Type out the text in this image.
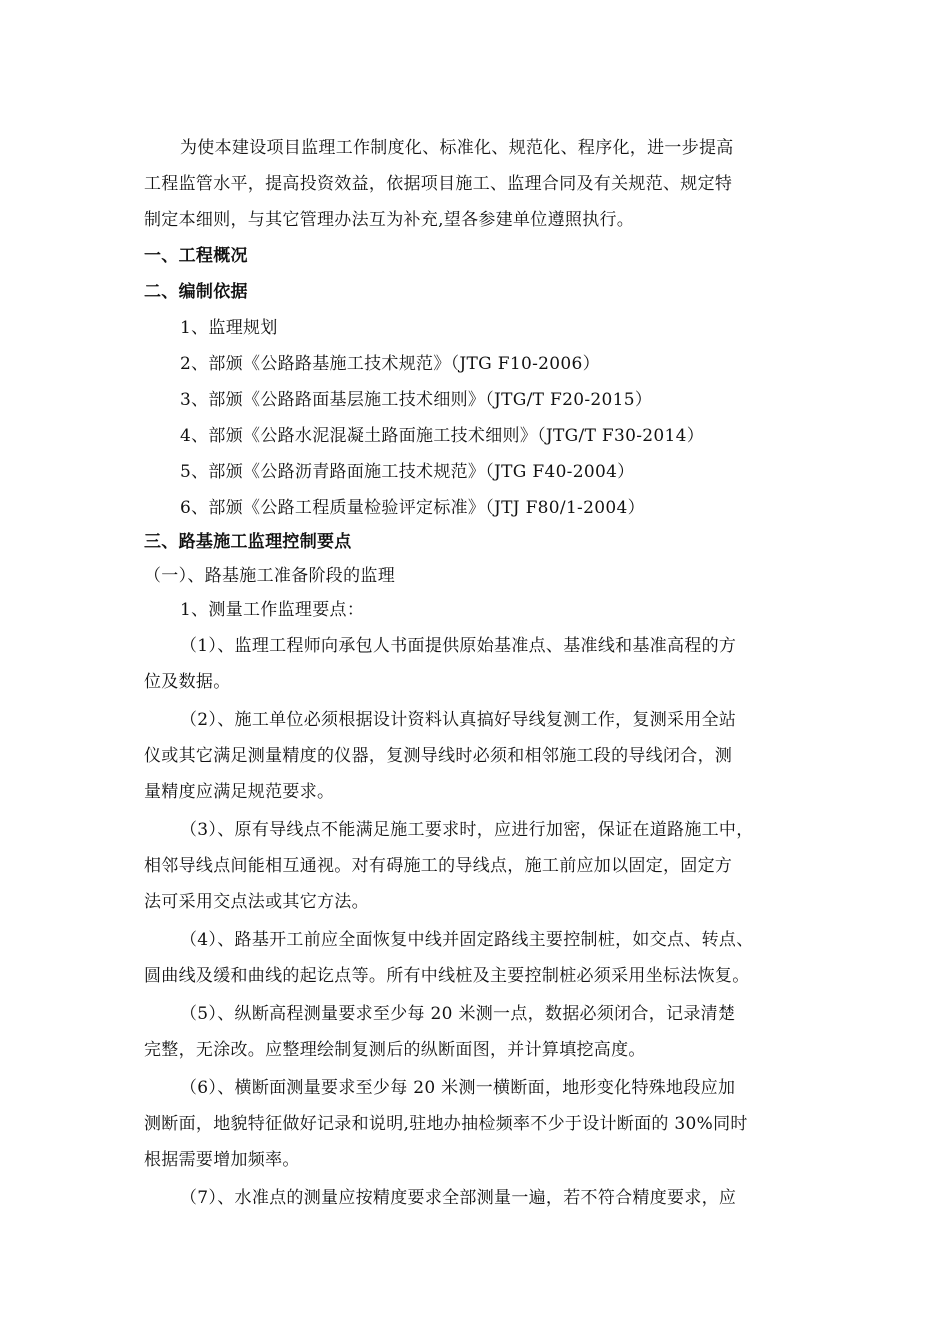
为使本建设项目监理工作制度化、标准化、规范化、程序化，进一步提高
工程监管水平，提高投资效益，依据项目施工、监理合同及有关规范、规定特
制定本细则，与其它管理办法互为补充,望各参建单位遵照执行。
一、工程概况
二、编制依据
1、监理规划
2、部颁《公路路基施工技术规范》（JTG F10-2006）
3、部颁《公路路面基层施工技术细则》（JTG/T F20-2015）
4、部颁《公路水泥混凝土路面施工技术细则》（JTG/T F30-2014）
5、部颁《公路沥青路面施工技术规范》（JTG F40-2004）
6、部颁《公路工程质量检验评定标准》（JTJ F80/1-2004）
三、路基施工监理控制要点
（一）、路基施工准备阶段的监理
1、测量工作监理要点：
（1）、监理工程师向承包人书面提供原始基准点、基准线和基准高程的方
位及数据。
（2）、施工单位必须根据设计资料认真搞好导线复测工作，复测采用全站
仪或其它满足测量精度的仪器，复测导线时必须和相邻施工段的导线闭合，测
量精度应满足规范要求。
（3）、原有导线点不能满足施工要求时，应进行加密，保证在道路施工中，
相邻导线点间能相互通视。对有碍施工的导线点，施工前应加以固定，固定方
法可采用交点法或其它方法。
（4）、路基开工前应全面恢复中线并固定路线主要控制桩，如交点、转点、
圆曲线及缓和曲线的起讫点等。所有中线桩及主要控制桩必须采用坐标法恢复。
（5）、纵断高程测量要求至少每 20 米测一点，数据必须闭合，记录清楚
完整，无涂改。应整理绘制复测后的纵断面图，并计算填挖高度。
（6）、横断面测量要求至少每 20 米测一横断面，地形变化特殊地段应加
测断面，地貌特征做好记录和说明,驻地办抽检频率不少于设计断面的 30%同时
根据需要增加频率。
（7）、水准点的测量应按精度要求全部测量一遍，若不符合精度要求，应
